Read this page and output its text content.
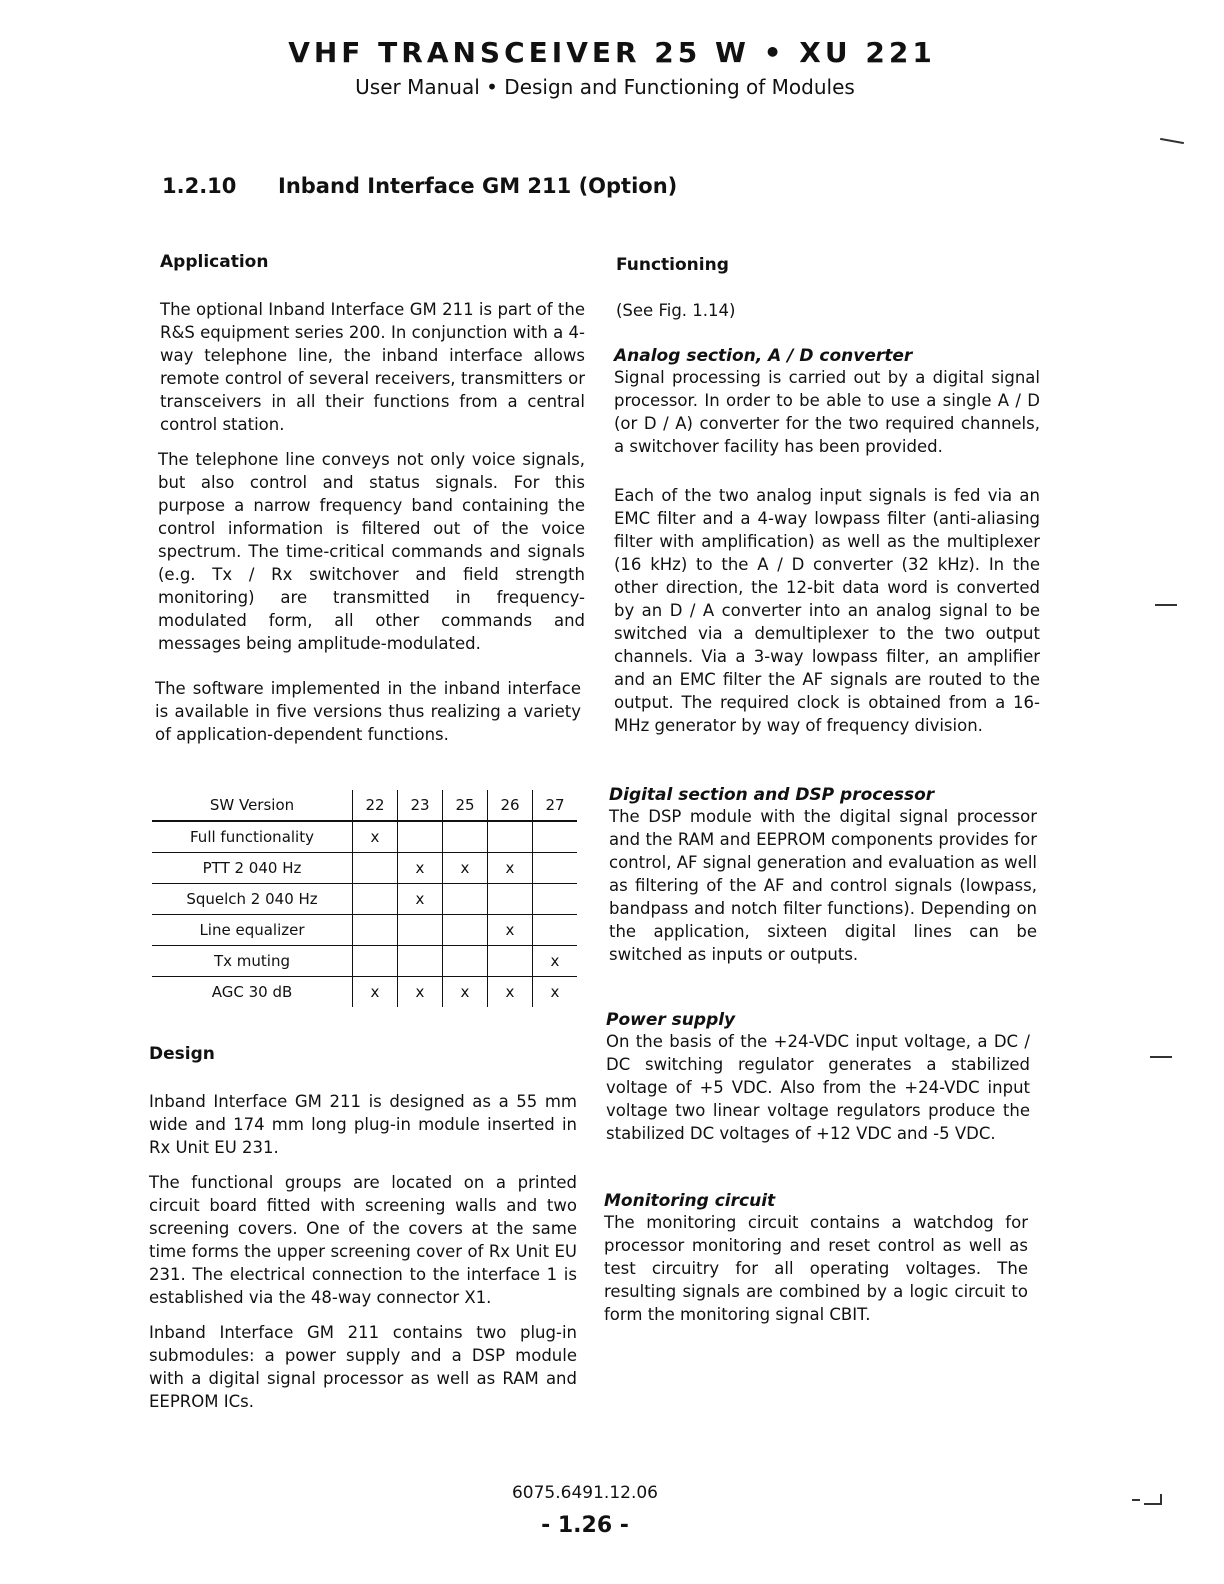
VHF TRANSCEIVER 25 W • XU 221
User Manual • Design and Functioning of Modules
1.2.10 Inband Interface GM 211 (Option)
Application

The optional Inband Interface GM 211 is part of the R&S equipment series 200. In conjunction with a 4-way telephone line, the inband interface allows remote control of several receivers, transmitters or transceivers in all their functions from a central control station.

The telephone line conveys not only voice signals, but also control and status signals. For this purpose a narrow frequency band containing the control information is filtered out of the voice spectrum. The time-critical commands and signals (e.g. Tx / Rx switchover and field strength monitoring) are transmitted in frequency-modulated form, all other commands and messages being amplitude-modulated.

The software implemented in the inband interface is available in five versions thus realizing a variety of application-dependent functions.

SW Version	22	23	25	26	27
Full functionality	x				
PTT 2 040 Hz		x	x	x	
Squelch 2 040 Hz		x			
Line equalizer				x	
Tx muting					x
AGC 30 dB	x	x	x	x	x
Design

Inband Interface GM 211 is designed as a 55 mm wide and 174 mm long plug-in module inserted in Rx Unit EU 231.

The functional groups are located on a printed circuit board fitted with screening walls and two screening covers. One of the covers at the same time forms the upper screening cover of Rx Unit EU 231. The electrical connection to the interface 1 is established via the 48-way connector X1.

Inband Interface GM 211 contains two plug-in submodules: a power supply and a DSP module with a digital signal processor as well as RAM and EEPROM ICs.

Functioning

(See Fig. 1.14)

Analog section, A / D converter

Signal processing is carried out by a digital signal processor. In order to be able to use a single A / D (or D / A) converter for the two required channels, a switchover facility has been provided.

Each of the two analog input signals is fed via an EMC filter and a 4-way lowpass filter (anti-aliasing filter with amplification) as well as the multiplexer (16 kHz) to the A / D converter (32 kHz). In the other direction, the 12-bit data word is converted by an D / A converter into an analog signal to be switched via a demultiplexer to the two output channels. Via a 3-way lowpass filter, an amplifier and an EMC filter the AF signals are routed to the output. The required clock is obtained from a 16-MHz generator by way of frequency division.

Digital section and DSP processor

The DSP module with the digital signal processor and the RAM and EEPROM components provides for control, AF signal generation and evaluation as well as filtering of the AF and control signals (lowpass, bandpass and notch filter functions). Depending on the application, sixteen digital lines can be switched as inputs or outputs.

Power supply

On the basis of the +24-VDC input voltage, a DC / DC switching regulator generates a stabilized voltage of +5 VDC. Also from the +24-VDC input voltage two linear voltage regulators produce the stabilized DC voltages of +12 VDC and -5 VDC.

Monitoring circuit

The monitoring circuit contains a watchdog for processor monitoring and reset control as well as test circuitry for all operating voltages. The resulting signals are combined by a logic circuit to form the monitoring signal CBIT.

6075.6491.12.06
- 1.26 -
